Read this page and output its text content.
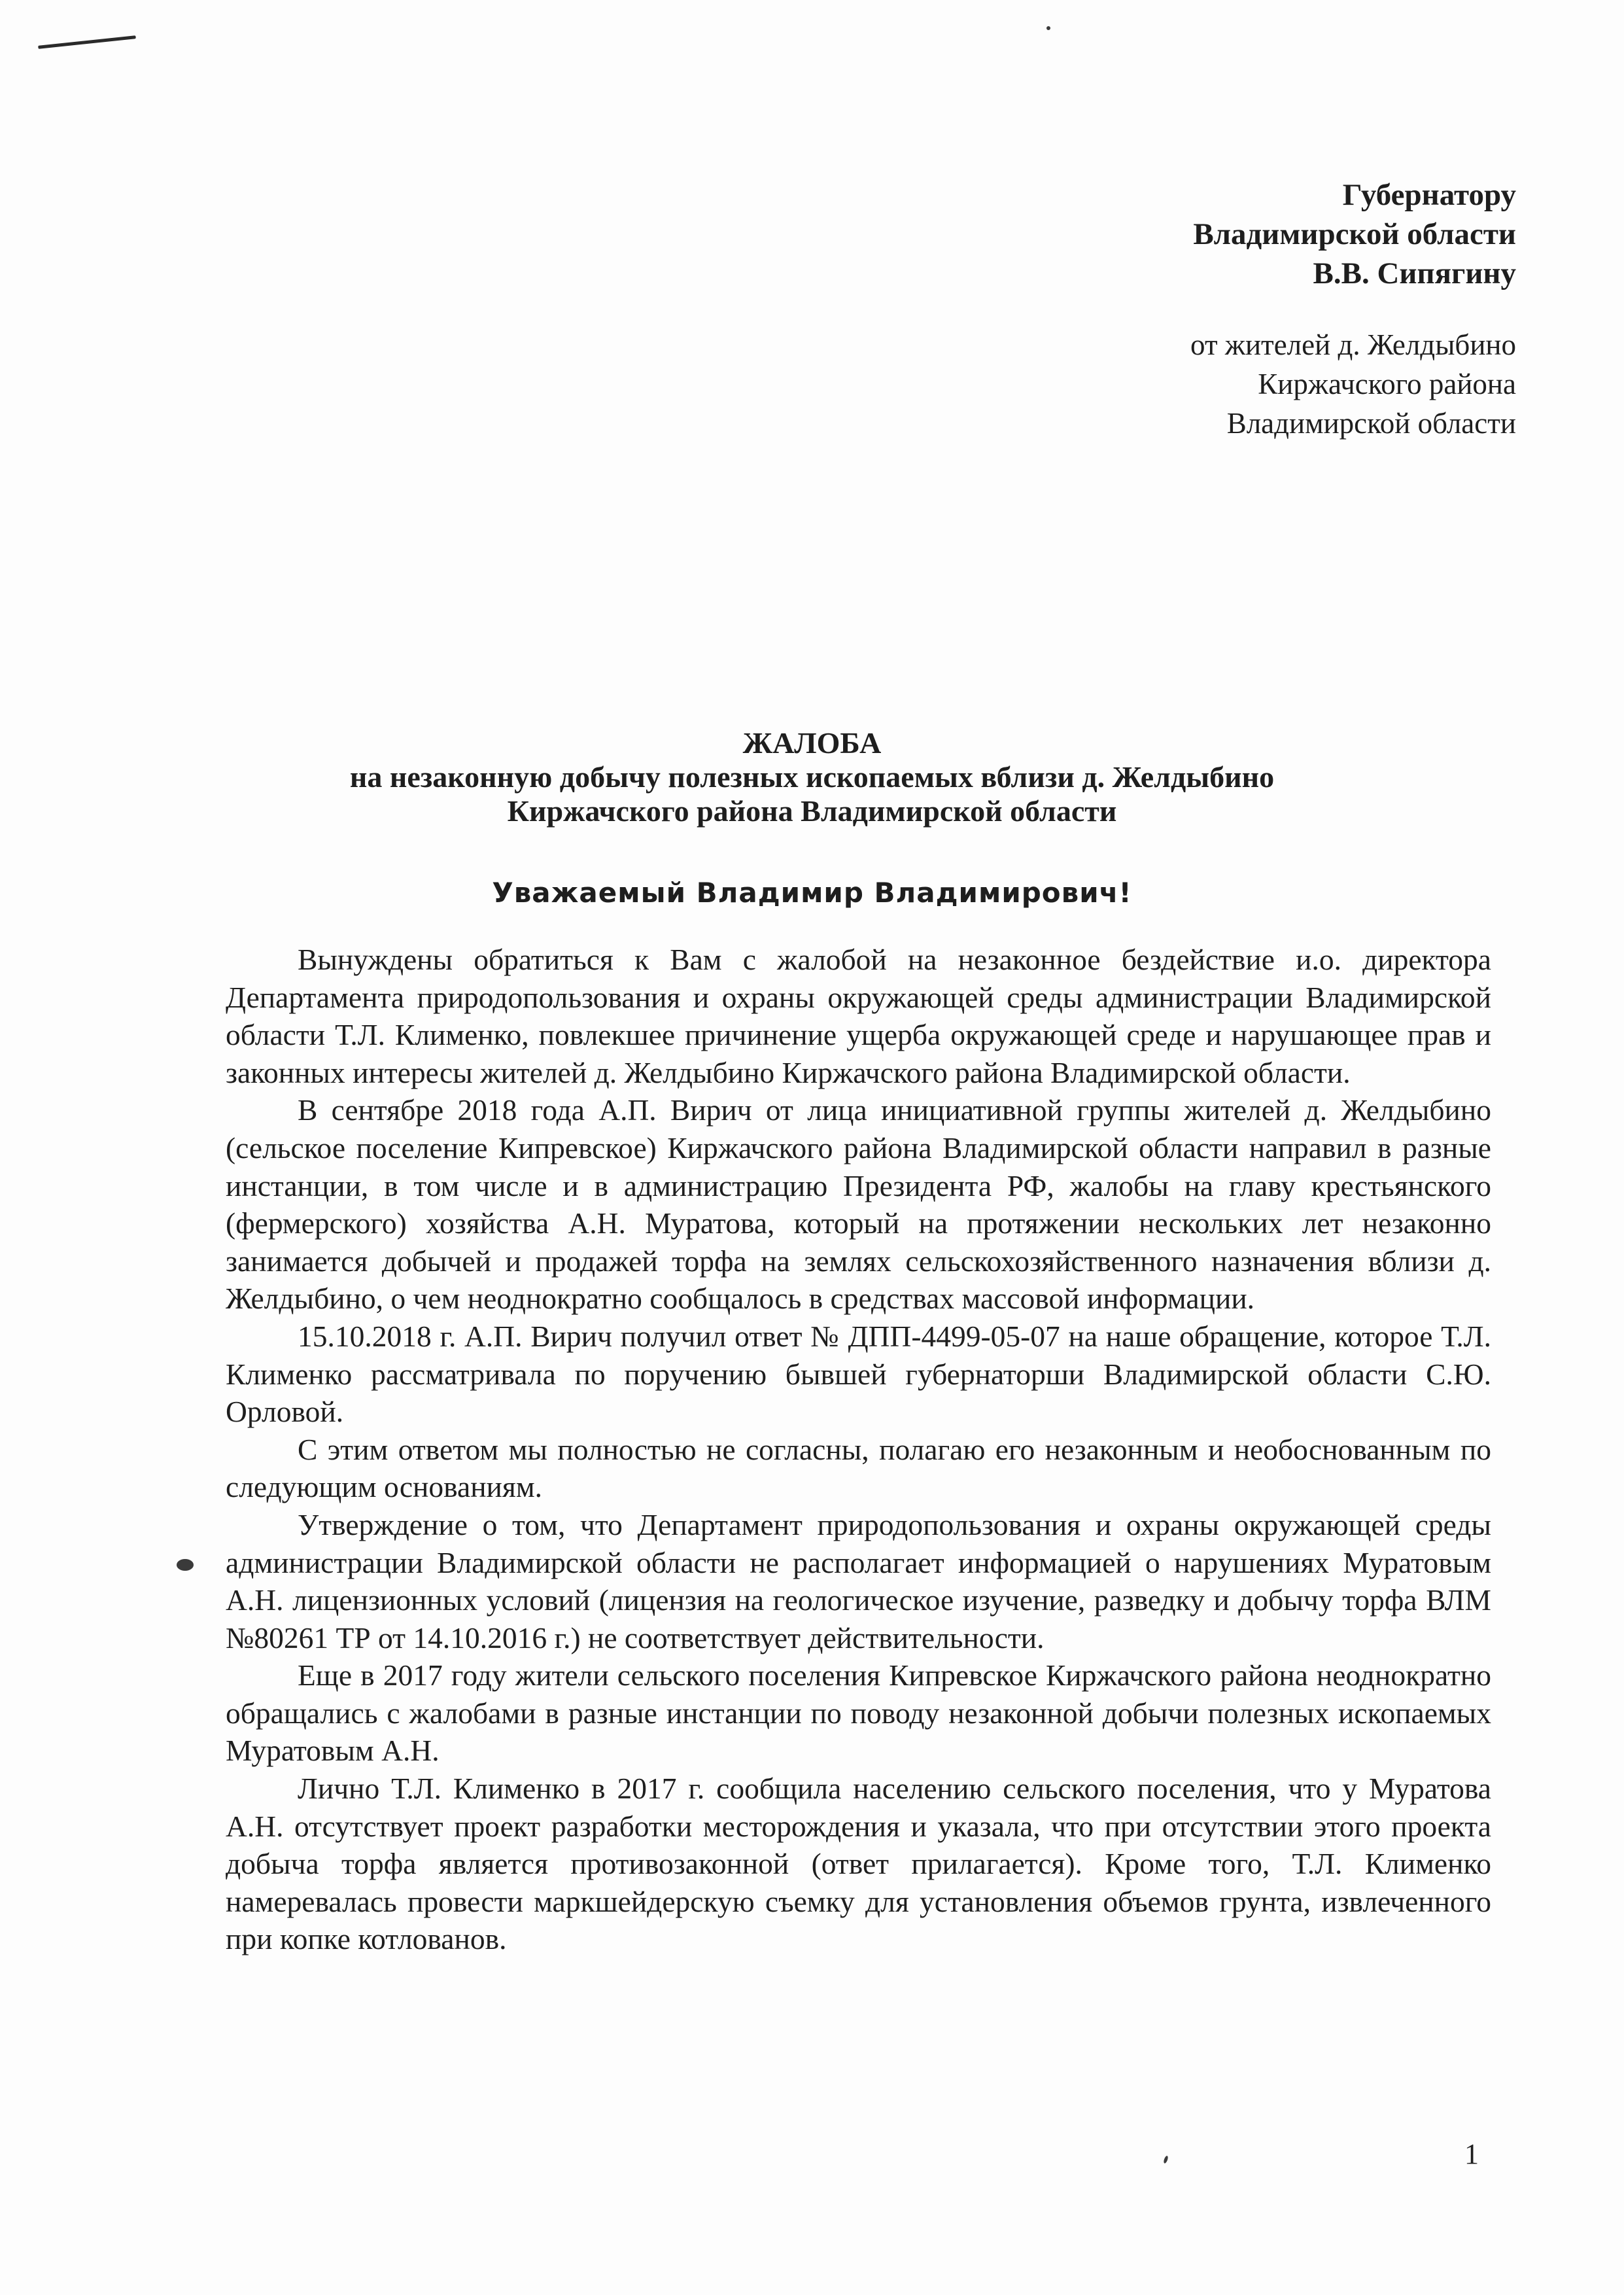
Губернатору
Владимирской области
В.В. Сипягину
от жителей д. Желдыбино
Киржачского района
Владимирской области
ЖАЛОБА
на незаконную добычу полезных ископаемых вблизи д. Желдыбино
Киржачского района Владимирской области
Уважаемый Владимир Владимирович!

Вынуждены обратиться к Вам с жалобой на незаконное бездействие и.о. директора Департамента природопользования и охраны окружающей среды администрации Владимирской области Т.Л. Клименко, повлекшее причинение ущерба окружающей среде и нарушающее прав и законных интересы жителей д. Желдыбино Киржачского района Владимирской области.

В сентябре 2018 года А.П. Вирич от лица инициативной группы жителей д. Желдыбино (сельское поселение Кипревское) Киржачского района Владимирской области направил в разные инстанции, в том числе и в администрацию Президента РФ, жалобы на главу крестьянского (фермерского) хозяйства А.Н. Муратова, который на протяжении нескольких лет незаконно занимается добычей и продажей торфа на землях сельскохозяйственного назначения вблизи д. Желдыбино, о чем неоднократно сообщалось в средствах массовой информации.

15.10.2018 г. А.П. Вирич получил ответ № ДПП-4499-05-07 на наше обращение, которое Т.Л. Клименко рассматривала по поручению бывшей губернаторши Владимирской области С.Ю. Орловой.

С этим ответом мы полностью не согласны, полагаю его незаконным и необоснованным по следующим основаниям.

Утверждение о том, что Департамент природопользования и охраны окружающей среды администрации Владимирской области не располагает информацией о нарушениях Муратовым А.Н. лицензионных условий (лицензия на геологическое изучение, разведку и добычу торфа ВЛМ №80261 ТР от 14.10.2016 г.) не соответствует действительности.

Еще в 2017 году жители сельского поселения Кипревское Киржачского района неоднократно обращались с жалобами в разные инстанции по поводу незаконной добычи полезных ископаемых Муратовым А.Н.

Лично Т.Л. Клименко в 2017 г. сообщила населению сельского поселения, что у Муратова А.Н. отсутствует проект разработки месторождения и указала, что при отсутствии этого проекта добыча торфа является противозаконной (ответ прилагается). Кроме того, Т.Л. Клименко намеревалась провести маркшейдерскую съемку для установления объемов грунта, извлеченного при копке котлованов.

1
